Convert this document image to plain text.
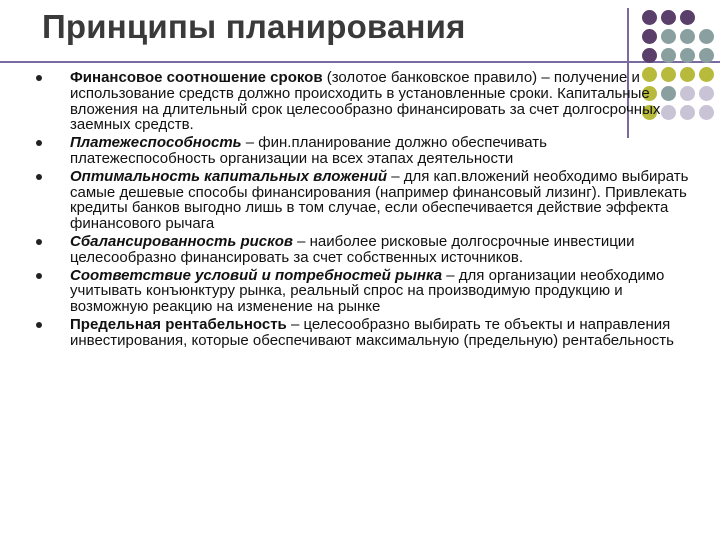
Принципы планирования
Финансовое соотношение сроков (золотое банковское правило) – получение и использование средств должно происходить в установленные сроки. Капитальные вложения на длительный срок целесообразно финансировать за счет долгосрочных заемных средств.
Платежеспособность – фин.планирование должно обеспечивать платежеспособность организации на всех этапах деятельности
Оптимальность капитальных вложений – для кап.вложений необходимо выбирать самые дешевые способы финансирования (например финансовый лизинг). Привлекать кредиты банков выгодно лишь в том случае, если обеспечивается действие эффекта финансового рычага
Сбалансированность рисков – наиболее рисковые долгосрочные инвестиции целесообразно финансировать за счет собственных источников.
Соответствие условий и потребностей рынка – для организации необходимо учитывать конъюнктуру рынка, реальный спрос на производимую продукцию и возможную реакцию на изменение на рынке
Предельная рентабельность – целесообразно выбирать те объекты и направления инвестирования, которые обеспечивают максимальную (предельную) рентабельность
